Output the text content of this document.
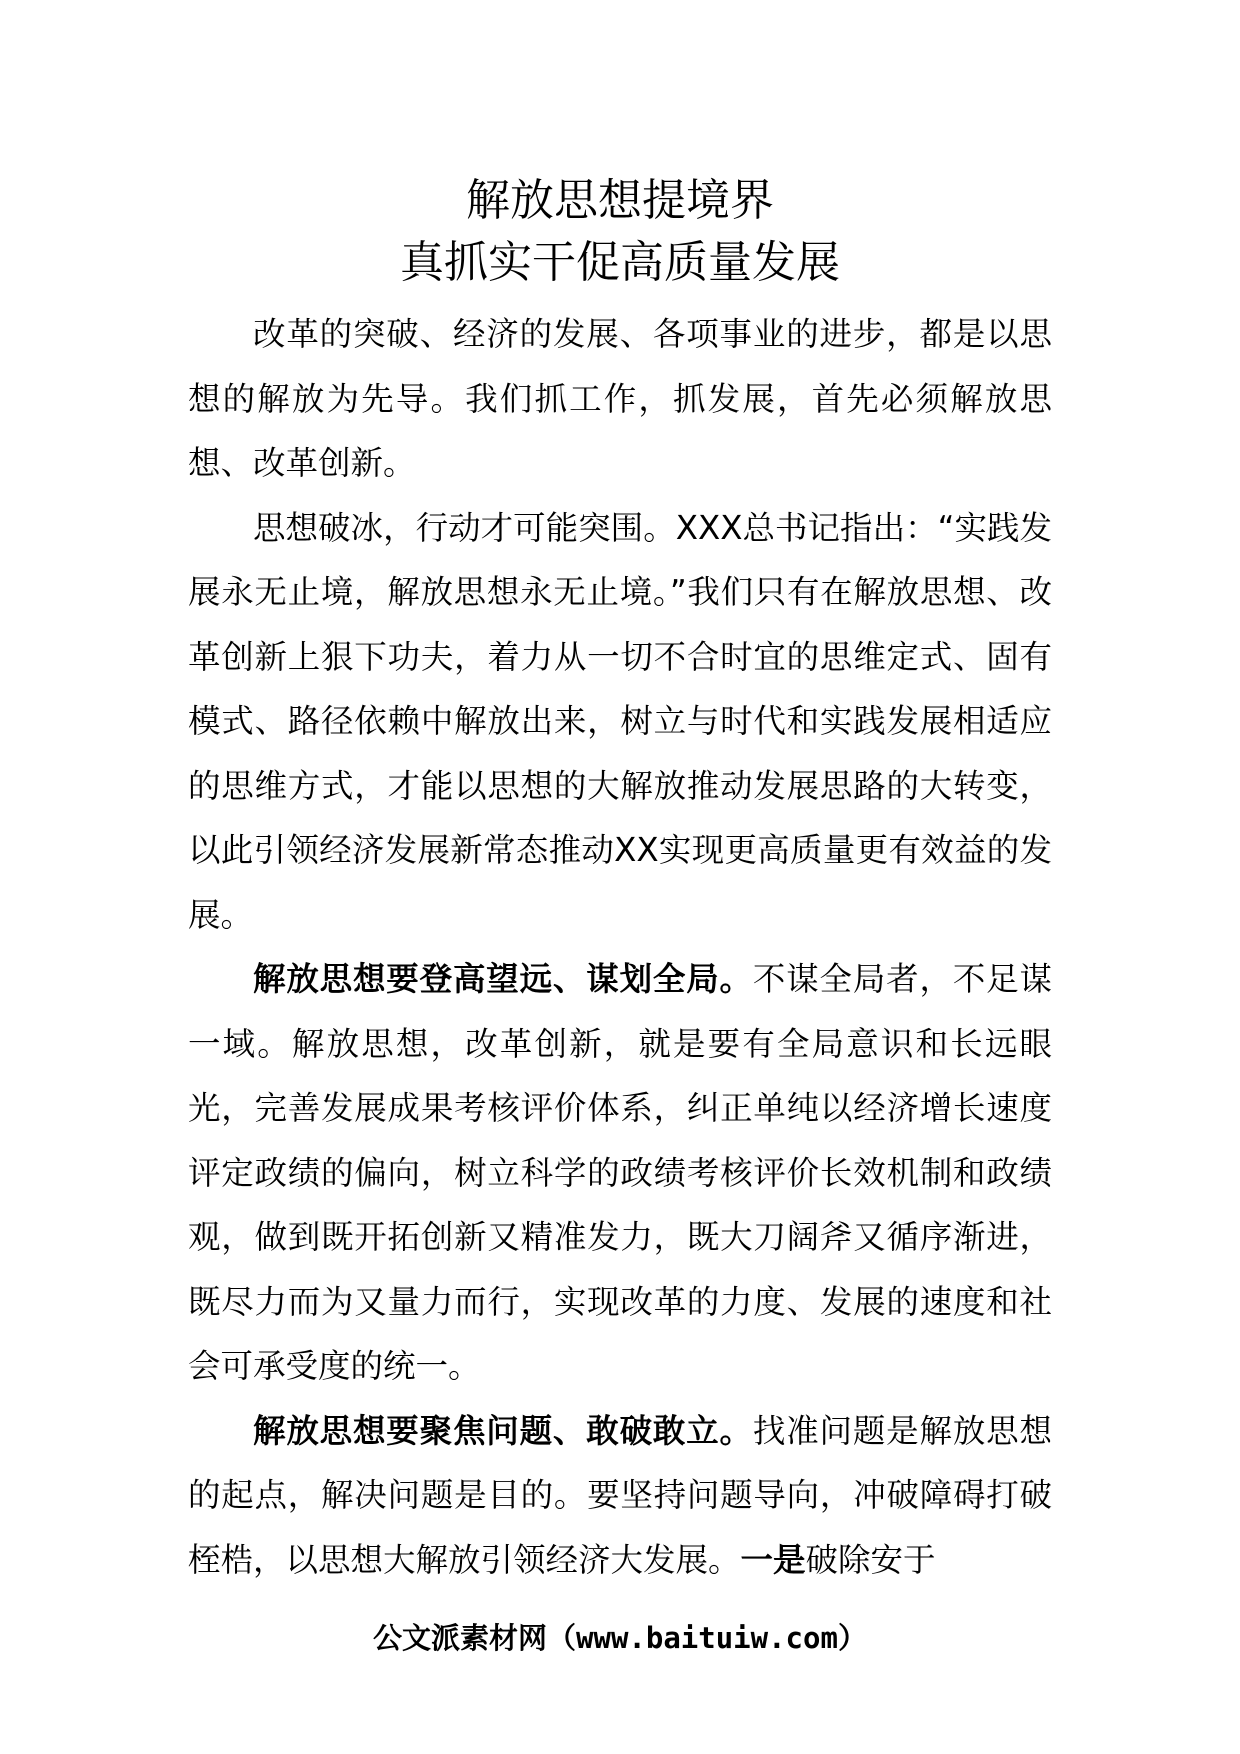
解放思想提境界
真抓实干促高质量发展

改革的突破、经济的发展、各项事业的进步，都是以思想的解放为先导。我们抓工作，抓发展，首先必须解放思想、改革创新。

思想破冰，行动才可能突围。XXX总书记指出：“实践发展永无止境，解放思想永无止境。”我们只有在解放思想、改革创新上狠下功夫，着力从一切不合时宜的思维定式、固有模式、路径依赖中解放出来，树立与时代和实践发展相适应的思维方式，才能以思想的大解放推动发展思路的大转变，以此引领经济发展新常态推动XX实现更高质量更有效益的发展。

解放思想要登高望远、谋划全局。不谋全局者，不足谋一域。解放思想，改革创新，就是要有全局意识和长远眼光，完善发展成果考核评价体系，纠正单纯以经济增长速度评定政绩的偏向，树立科学的政绩考核评价长效机制和政绩观，做到既开拓创新又精准发力，既大刀阔斧又循序渐进，既尽力而为又量力而行，实现改革的力度、发展的速度和社会可承受度的统一。

解放思想要聚焦问题、敢破敢立。找准问题是解放思想的起点，解决问题是目的。要坚持问题导向，冲破障碍打破桎梏，以思想大解放引领经济大发展。一是破除安于

公文派素材网（www.baituiw.com）
